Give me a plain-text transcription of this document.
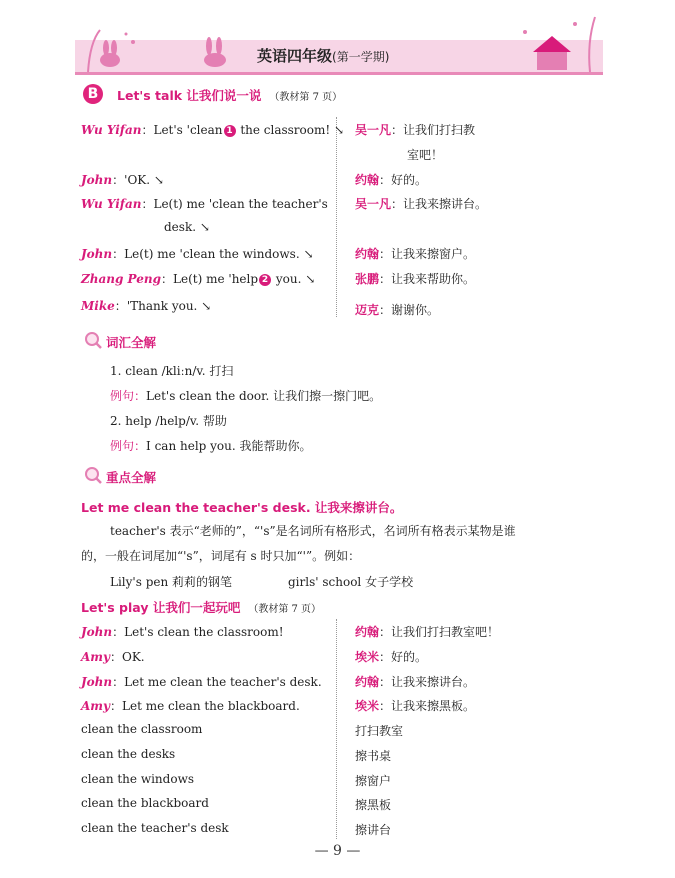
英语四年级(第一学期)
B	Let's talk 让我们说一说 （教材第 7 页）
Wu Yifan：Let's 'clean 1 the classroom! ↘ 吴一凡：让我们打扫教
室吧！
John：'OK. ↘	约翰：好的。
Wu Yifan：Le(t) me 'clean the teacher's
desk. ↘
吴一凡：让我来擦讲台。
John：Le(t) me 'clean the windows. ↘	约翰：让我来擦窗户。
Zhang Peng：Le(t) me 'help 2 you. ↘	张鹏：让我来帮助你。
Mike：'Thank you. ↘	迈克：谢谢你。
词汇全解
1. clean /kliːn/v. 打扫
例句：Let's clean the door. 让我们擦一擦门吧。
2. help /help/v. 帮助
例句：I can help you. 我能帮助你。
重点全解
Let me clean the teacher's desk. 让我来擦讲台。
teacher's 表示“老师的”，“'s”是名词所有格形式，名词所有格表示某物是谁
的，一般在词尾加“'s”，词尾有 s 时只加“'”。例如：
Lily's pen 莉莉的钢笔	girls' school 女子学校
Let's play 让我们一起玩吧 （教材第 7 页）
John：Let's clean the classroom!	约翰：让我们打扫教室吧！
Amy：OK.	埃米：好的。
John：Let me clean the teacher's desk.	约翰：让我来擦讲台。
Amy：Let me clean the blackboard.	埃米：让我来擦黑板。
clean the classroom	打扫教室
clean the desks	擦书桌
clean the windows	擦窗户
clean the blackboard	擦黑板
clean the teacher's desk	擦讲台
— 9 —
